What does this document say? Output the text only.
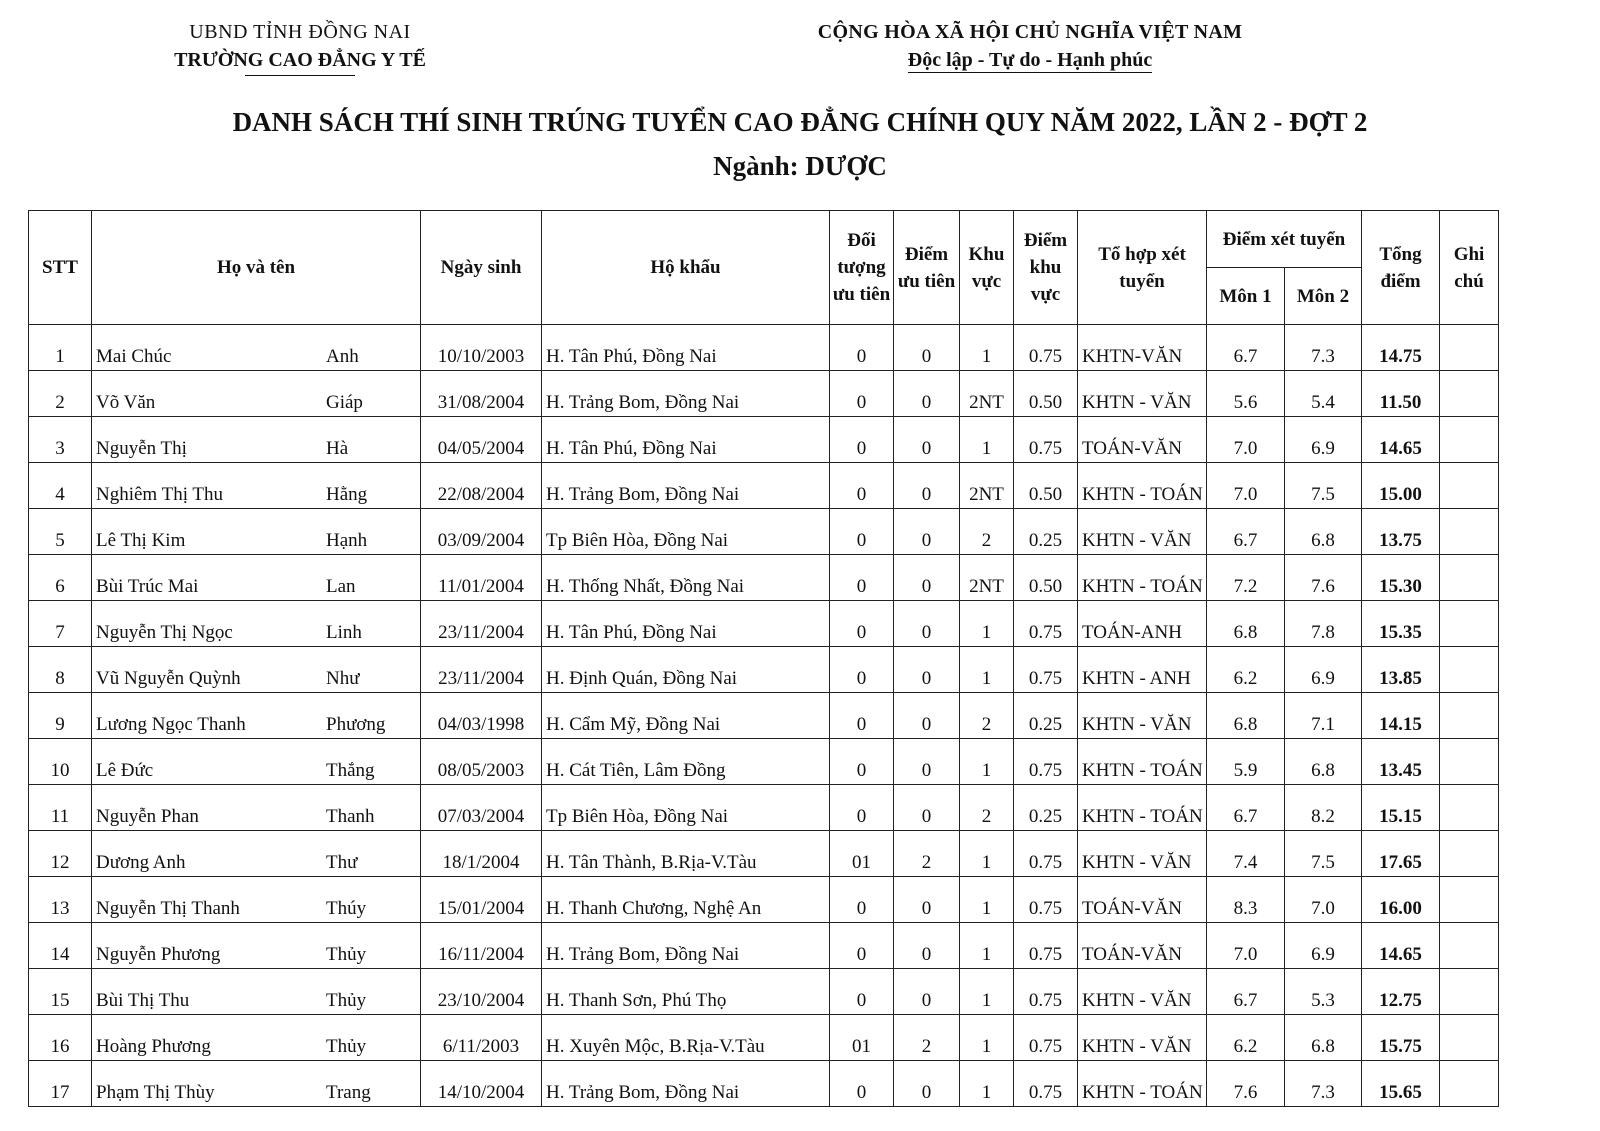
UBND TỈNH ĐỒNG NAI
TRƯỜNG CAO ĐẲNG Y TẾ
CỘNG HÒA XÃ HỘI CHỦ NGHĨA VIỆT NAM
Độc lập - Tự do - Hạnh phúc
DANH SÁCH THÍ SINH TRÚNG TUYỂN CAO ĐẲNG CHÍNH QUY NĂM 2022, LẦN 2 - ĐỢT 2
Ngành: DƯỢC
STT	Họ và tên	Ngày sinh	Hộ khẩu	Đối tượng ưu tiên	Điểm ưu tiên	Khu vực	Điểm khu vực	Tổ hợp xét tuyển	Điểm xét tuyển		Tổng điểm	Ghi chú
									Môn 1	Môn 2		
1	Mai Chúc Anh	10/10/2003	H. Tân Phú, Đồng Nai	0	0	1	0.75	KHTN-VĂN	6.7	7.3	14.75	
2	Võ Văn Giáp	31/08/2004	H. Trảng Bom, Đồng Nai	0	0	2NT	0.50	KHTN - VĂN	5.6	5.4	11.50	
3	Nguyễn Thị Hà	04/05/2004	H. Tân Phú, Đồng Nai	0	0	1	0.75	TOÁN-VĂN	7.0	6.9	14.65	
4	Nghiêm Thị Thu Hằng	22/08/2004	H. Trảng Bom, Đồng Nai	0	0	2NT	0.50	KHTN - TOÁN	7.0	7.5	15.00	
5	Lê Thị Kim Hạnh	03/09/2004	Tp Biên Hòa, Đồng Nai	0	0	2	0.25	KHTN - VĂN	6.7	6.8	13.75	
6	Bùi Trúc Mai Lan	11/01/2004	H. Thống Nhất, Đồng Nai	0	0	2NT	0.50	KHTN - TOÁN	7.2	7.6	15.30	
7	Nguyễn Thị Ngọc Linh	23/11/2004	H. Tân Phú, Đồng Nai	0	0	1	0.75	TOÁN-ANH	6.8	7.8	15.35	
8	Vũ Nguyễn Quỳnh Như	23/11/2004	H. Định Quán, Đồng Nai	0	0	1	0.75	KHTN - ANH	6.2	6.9	13.85	
9	Lương Ngọc Thanh Phương	04/03/1998	H. Cẩm Mỹ, Đồng Nai	0	0	2	0.25	KHTN - VĂN	6.8	7.1	14.15	
10	Lê Đức Thắng	08/05/2003	H. Cát Tiên, Lâm Đồng	0	0	1	0.75	KHTN - TOÁN	5.9	6.8	13.45	
11	Nguyễn Phan Thanh	07/03/2004	Tp Biên Hòa, Đồng Nai	0	0	2	0.25	KHTN - TOÁN	6.7	8.2	15.15	
12	Dương Anh Thư	18/1/2004	H. Tân Thành, B.Rịa-V.Tàu	01	2	1	0.75	KHTN - VĂN	7.4	7.5	17.65	
13	Nguyễn Thị Thanh Thúy	15/01/2004	H. Thanh Chương, Nghệ An	0	0	1	0.75	TOÁN-VĂN	8.3	7.0	16.00	
14	Nguyễn Phương Thủy	16/11/2004	H. Trảng Bom, Đồng Nai	0	0	1	0.75	TOÁN-VĂN	7.0	6.9	14.65	
15	Bùi Thị Thu Thủy	23/10/2004	H. Thanh Sơn, Phú Thọ	0	0	1	0.75	KHTN - VĂN	6.7	5.3	12.75	
16	Hoàng Phương Thủy	6/11/2003	H. Xuyên Mộc, B.Rịa-V.Tàu	01	2	1	0.75	KHTN - VĂN	6.2	6.8	15.75	
17	Phạm Thị Thùy Trang	14/10/2004	H. Trảng Bom, Đồng Nai	0	0	1	0.75	KHTN - TOÁN	7.6	7.3	15.65	
